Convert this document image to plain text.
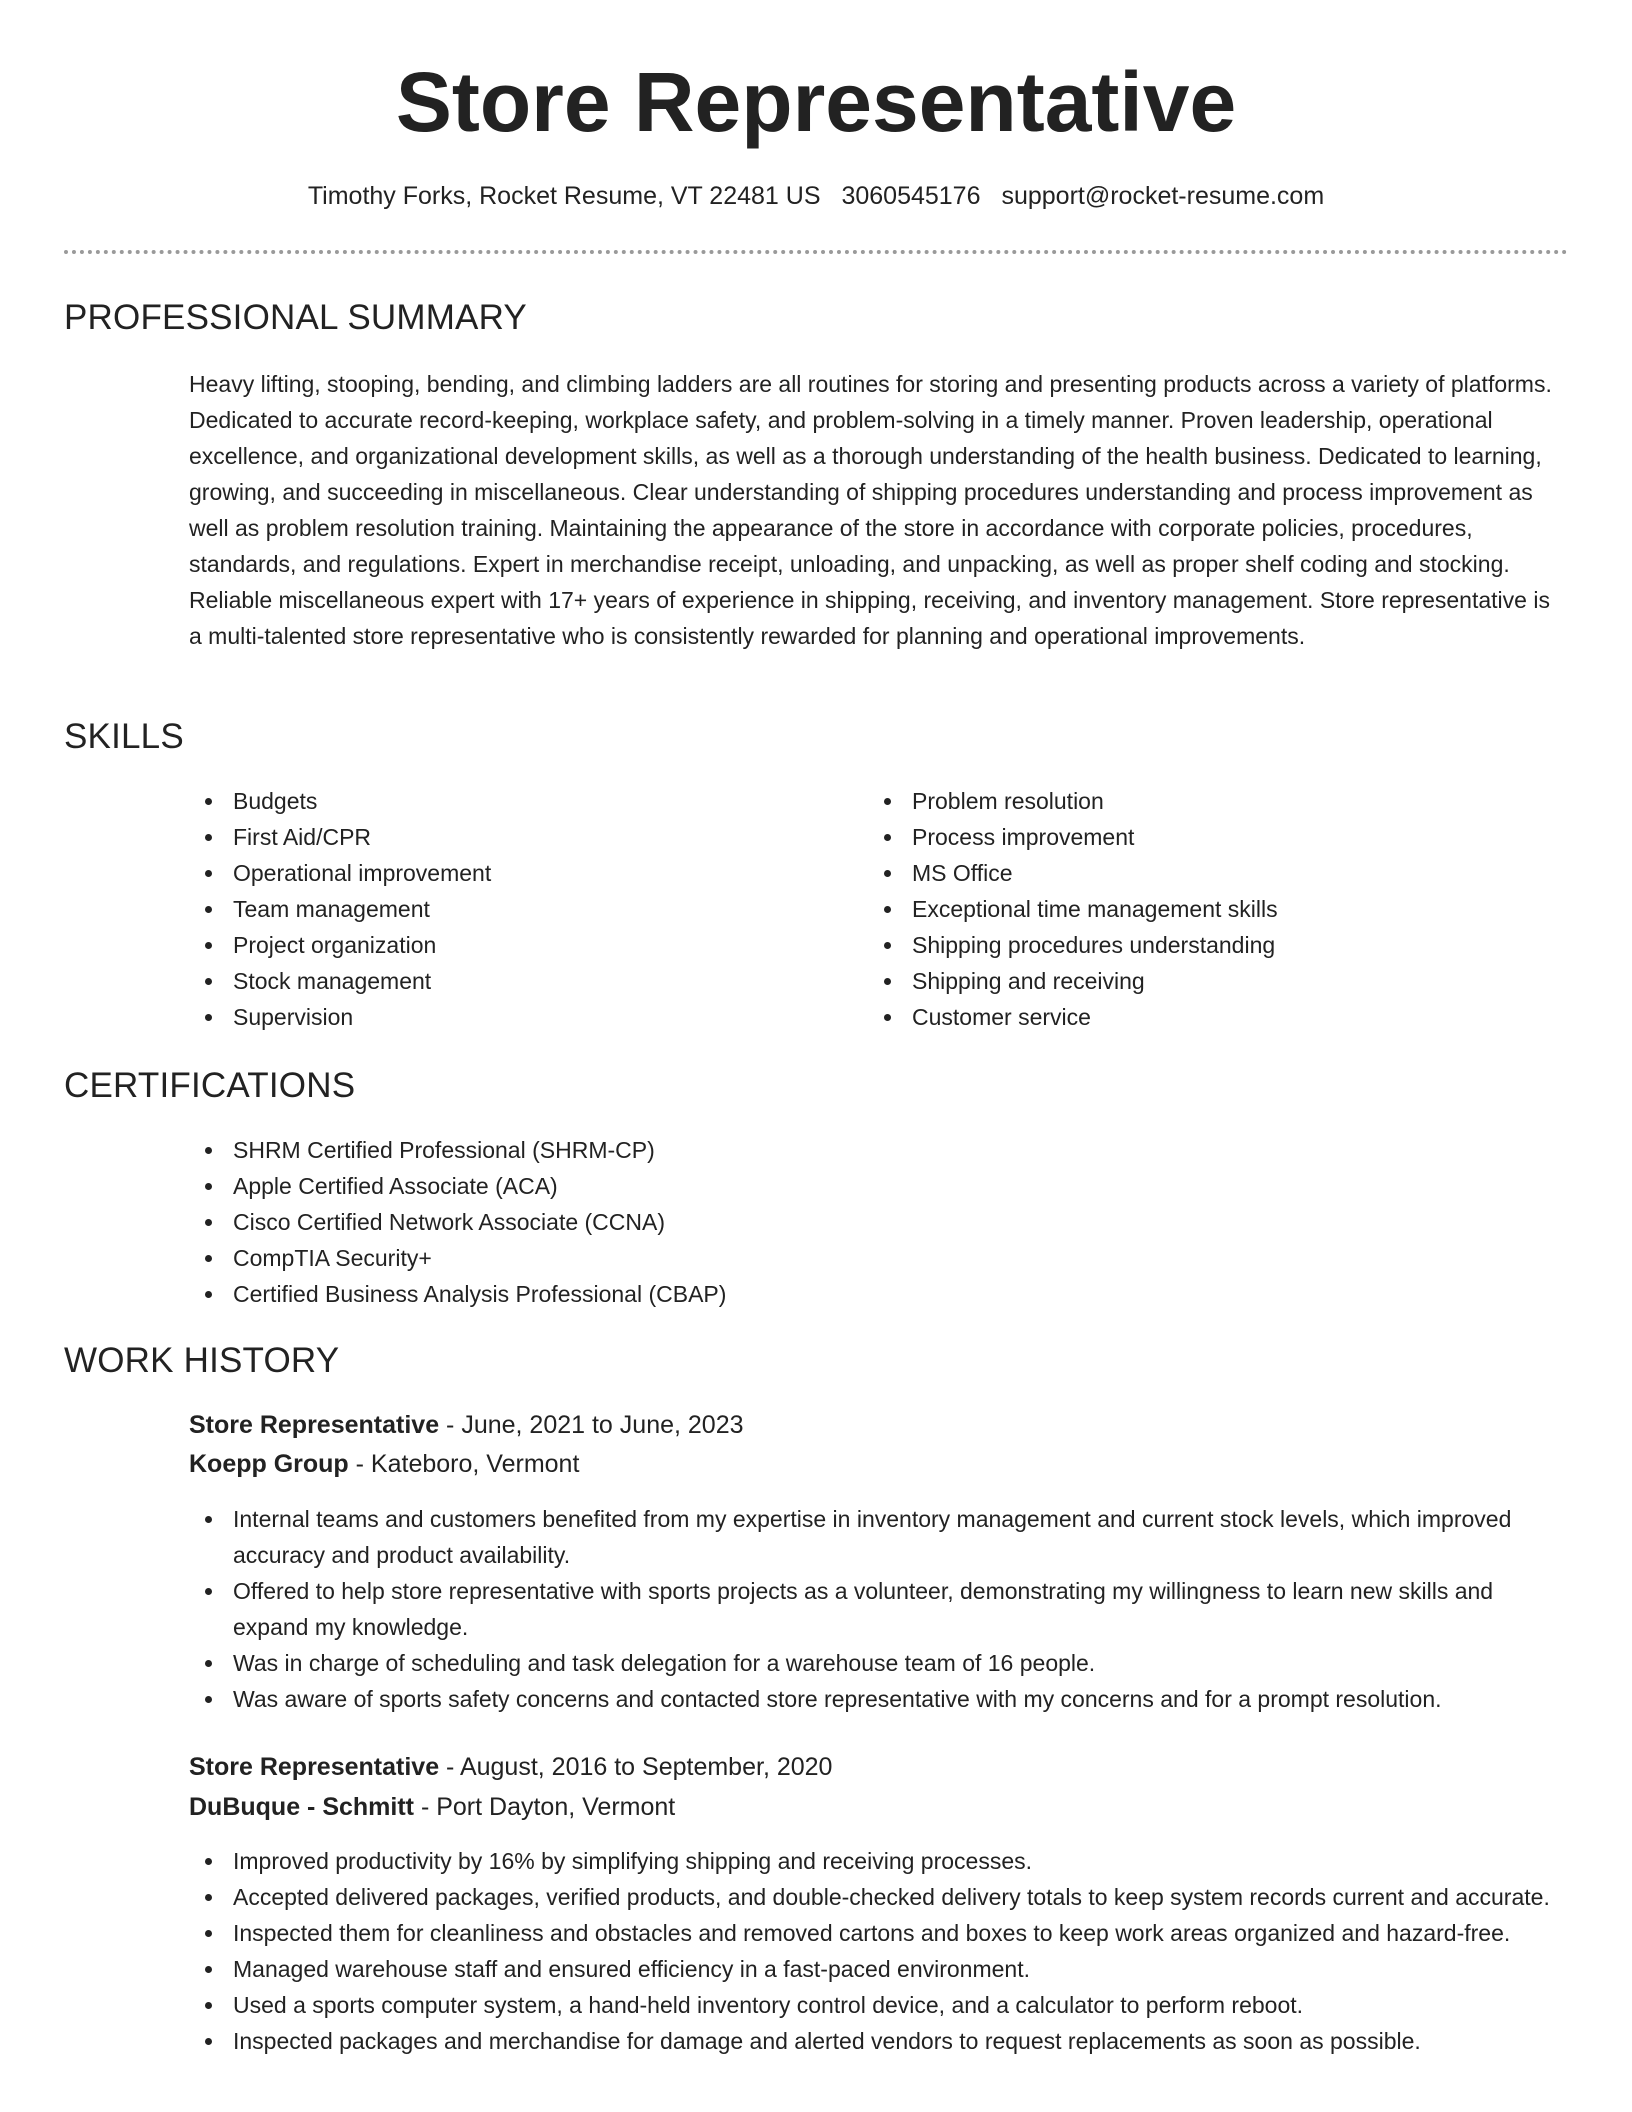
Store Representative
Timothy Forks, Rocket Resume, VT 22481 US 3060545176 support@rocket-resume.com
PROFESSIONAL SUMMARY

Heavy lifting, stooping, bending, and climbing ladders are all routines for storing and presenting products across a variety of platforms. Dedicated to accurate record-keeping, workplace safety, and problem-solving in a timely manner. Proven leadership, operational excellence, and organizational development skills, as well as a thorough understanding of the health business. Dedicated to learning, growing, and succeeding in miscellaneous. Clear understanding of shipping procedures understanding and process improvement as well as problem resolution training. Maintaining the appearance of the store in accordance with corporate policies, procedures, standards, and regulations. Expert in merchandise receipt, unloading, and unpacking, as well as proper shelf coding and stocking. Reliable miscellaneous expert with 17+ years of experience in shipping, receiving, and inventory management. Store representative is a multi-talented store representative who is consistently rewarded for planning and operational improvements.

SKILLS
Budgets
First Aid/CPR
Operational improvement
Team management
Project organization
Stock management
Supervision
Problem resolution
Process improvement
MS Office
Exceptional time management skills
Shipping procedures understanding
Shipping and receiving
Customer service
CERTIFICATIONS
SHRM Certified Professional (SHRM-CP)
Apple Certified Associate (ACA)
Cisco Certified Network Associate (CCNA)
CompTIA Security+
Certified Business Analysis Professional (CBAP)
WORK HISTORY
Store Representative - June, 2021 to June, 2023
Koepp Group - Kateboro, Vermont
Internal teams and customers benefited from my expertise in inventory management and current stock levels, which improved accuracy and product availability.
Offered to help store representative with sports projects as a volunteer, demonstrating my willingness to learn new skills and expand my knowledge.
Was in charge of scheduling and task delegation for a warehouse team of 16 people.
Was aware of sports safety concerns and contacted store representative with my concerns and for a prompt resolution.
Store Representative - August, 2016 to September, 2020
DuBuque - Schmitt - Port Dayton, Vermont
Improved productivity by 16% by simplifying shipping and receiving processes.
Accepted delivered packages, verified products, and double-checked delivery totals to keep system records current and accurate.
Inspected them for cleanliness and obstacles and removed cartons and boxes to keep work areas organized and hazard-free.
Managed warehouse staff and ensured efficiency in a fast-paced environment.
Used a sports computer system, a hand-held inventory control device, and a calculator to perform reboot.
Inspected packages and merchandise for damage and alerted vendors to request replacements as soon as possible.
